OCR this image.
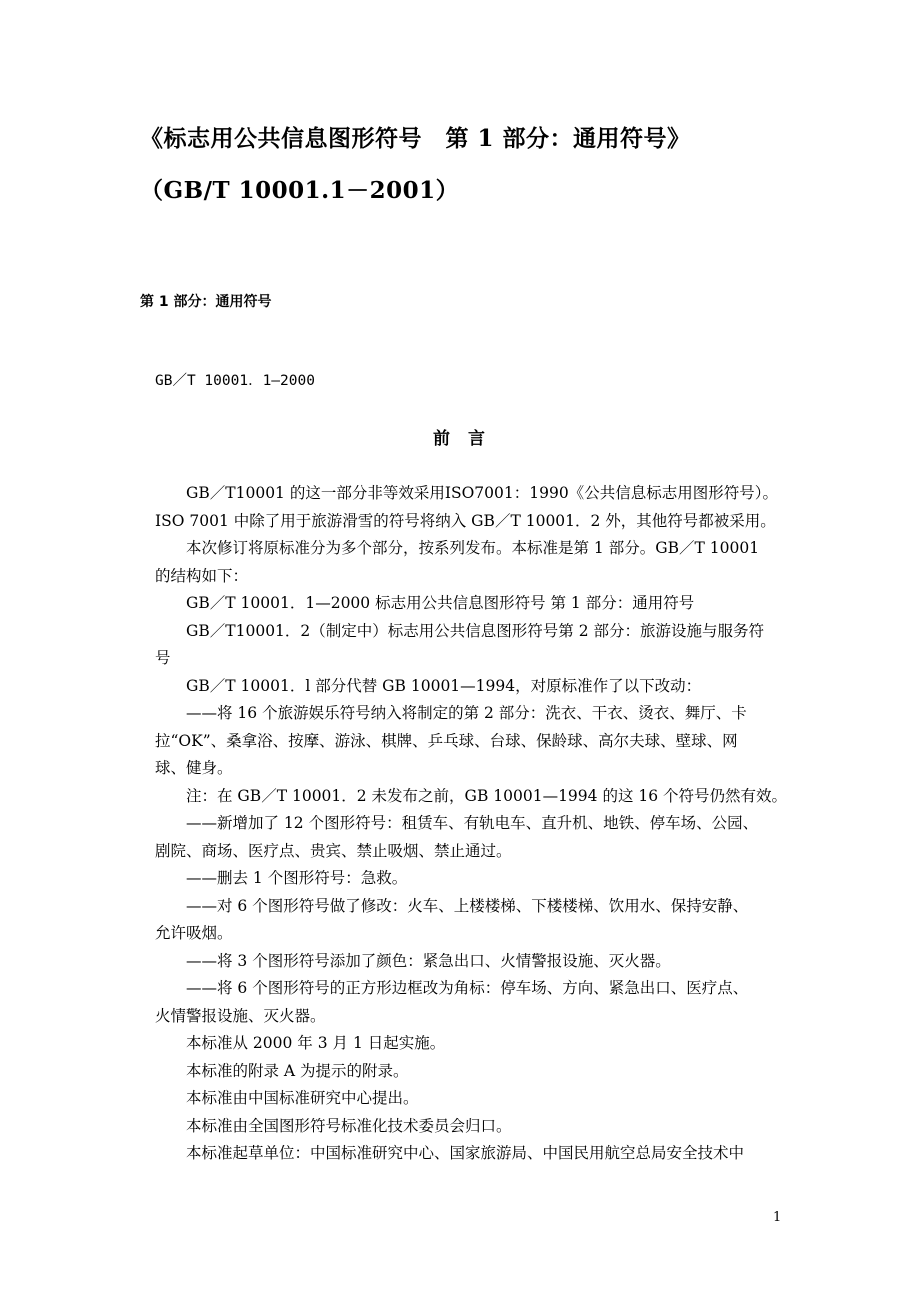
《标志用公共信息图形符号　第 1 部分：通用符号》
（GB/T 10001.1－2001）
第 1 部分：通用符号
GB／T 10001．1—2000
前言

GB／T10001 的这一部分非等效采用ISO7001：1990《公共信息标志用图形符号）。

ISO 7001 中除了用于旅游滑雪的符号将纳入 GB／T 10001．2 外，其他符号都被采用。

本次修订将原标准分为多个部分，按系列发布。本标准是第 1 部分。GB／T 10001

的结构如下：

GB／T 10001．1—2000 标志用公共信息图形符号 第 1 部分：通用符号

GB／T10001．2（制定中）标志用公共信息图形符号第 2 部分：旅游设施与服务符

号

GB／T 10001．l 部分代替 GB 10001—1994，对原标准作了以下改动：

——将 16 个旅游娱乐符号纳入将制定的第 2 部分：洗衣、干衣、烫衣、舞厅、卡

拉“OK”、桑拿浴、按摩、游泳、棋牌、乒乓球、台球、保龄球、高尔夫球、壁球、网

球、健身。

注：在 GB／T 10001．2 未发布之前，GB 10001—1994 的这 16 个符号仍然有效。

——新增加了 12 个图形符号：租赁车、有轨电车、直升机、地铁、停车场、公园、

剧院、商场、医疗点、贵宾、禁止吸烟、禁止通过。

——删去 1 个图形符号：急救。

——对 6 个图形符号做了修改：火车、上楼楼梯、下楼楼梯、饮用水、保持安静、

允许吸烟。

——将 3 个图形符号添加了颜色：紧急出口、火情警报设施、灭火器。

——将 6 个图形符号的正方形边框改为角标：停车场、方向、紧急出口、医疗点、

火情警报设施、灭火器。

本标准从 2000 年 3 月 1 日起实施。

本标准的附录 A 为提示的附录。

本标准由中国标准研究中心提出。

本标准由全国图形符号标准化技术委员会归口。

本标准起草单位：中国标准研究中心、国家旅游局、中国民用航空总局安全技术中

1
